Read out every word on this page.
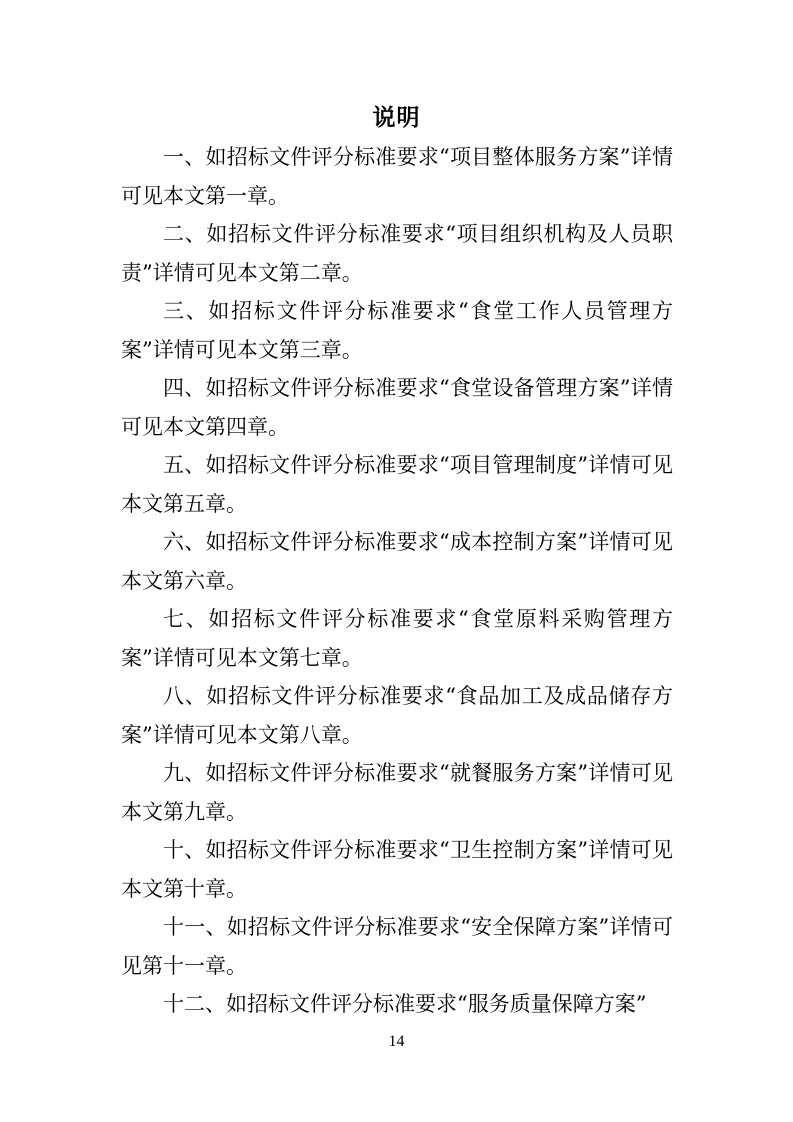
说明

一、如招标文件评分标准要求“项目整体服务方案”详情可见本文第一章。

二、如招标文件评分标准要求“项目组织机构及人员职责”详情可见本文第二章。

三、如招标文件评分标准要求“食堂工作人员管理方案”详情可见本文第三章。

四、如招标文件评分标准要求“食堂设备管理方案”详情可见本文第四章。

五、如招标文件评分标准要求“项目管理制度”详情可见本文第五章。

六、如招标文件评分标准要求“成本控制方案”详情可见本文第六章。

七、如招标文件评分标准要求“食堂原料采购管理方案”详情可见本文第七章。

八、如招标文件评分标准要求“食品加工及成品储存方案”详情可见本文第八章。

九、如招标文件评分标准要求“就餐服务方案”详情可见本文第九章。

十、如招标文件评分标准要求“卫生控制方案”详情可见本文第十章。

十一、如招标文件评分标准要求“安全保障方案”详情可见第十一章。

十二、如招标文件评分标准要求“服务质量保障方案”

14
